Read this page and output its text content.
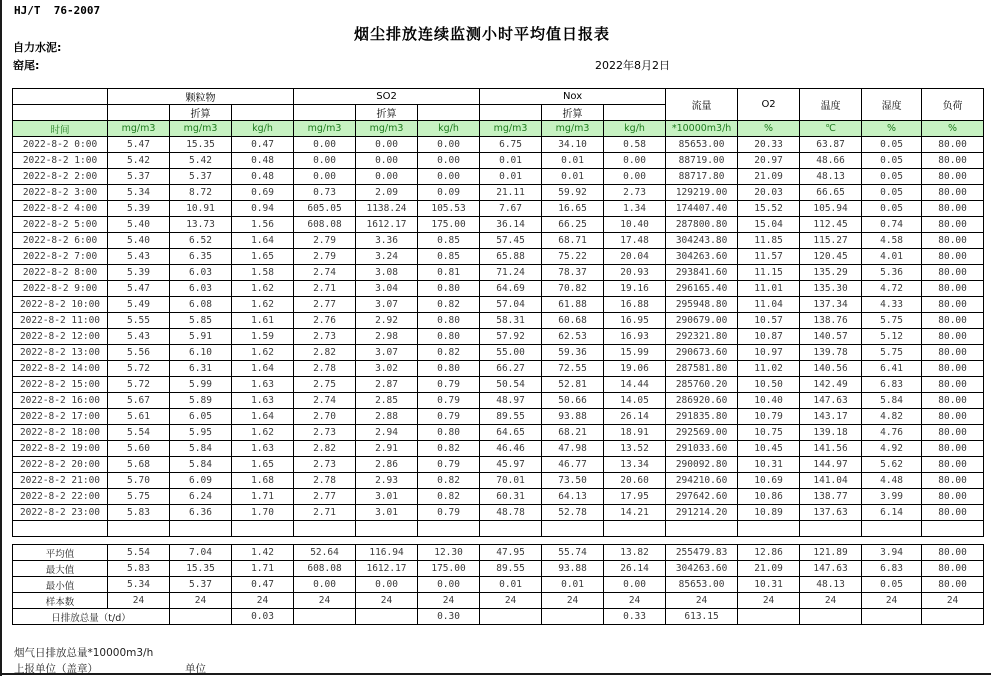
HJ/T  76-2007
烟尘排放连续监测小时平均值日报表
自力水泥:
窑尾:	2022年8月2日
	颗粒物			SO2			Nox			流量	O2	温度	湿度	负荷
		折算			折算			折算						
时间	mg/m3	mg/m3	kg/h	mg/m3	mg/m3	kg/h	mg/m3	mg/m3	kg/h	*10000m3/h	%	℃	%	%
2022-8-2 0:00	5.47	15.35	0.47	0.00	0.00	0.00	6.75	34.10	0.58	85653.00	20.33	63.87	0.05	80.00
2022-8-2 1:00	5.42	5.42	0.48	0.00	0.00	0.00	0.01	0.01	0.00	88719.00	20.97	48.66	0.05	80.00
2022-8-2 2:00	5.37	5.37	0.48	0.00	0.00	0.00	0.01	0.01	0.00	88717.80	21.09	48.13	0.05	80.00
2022-8-2 3:00	5.34	8.72	0.69	0.73	2.09	0.09	21.11	59.92	2.73	129219.00	20.03	66.65	0.05	80.00
2022-8-2 4:00	5.39	10.91	0.94	605.05	1138.24	105.53	7.67	16.65	1.34	174407.40	15.52	105.94	0.05	80.00
2022-8-2 5:00	5.40	13.73	1.56	608.08	1612.17	175.00	36.14	66.25	10.40	287800.80	15.04	112.45	0.74	80.00
2022-8-2 6:00	5.40	6.52	1.64	2.79	3.36	0.85	57.45	68.71	17.48	304243.80	11.85	115.27	4.58	80.00
2022-8-2 7:00	5.43	6.35	1.65	2.79	3.24	0.85	65.88	75.22	20.04	304263.60	11.57	120.45	4.01	80.00
2022-8-2 8:00	5.39	6.03	1.58	2.74	3.08	0.81	71.24	78.37	20.93	293841.60	11.15	135.29	5.36	80.00
2022-8-2 9:00	5.47	6.03	1.62	2.71	3.04	0.80	64.69	70.82	19.16	296165.40	11.01	135.30	4.72	80.00
2022-8-2 10:00	5.49	6.08	1.62	2.77	3.07	0.82	57.04	61.88	16.88	295948.80	11.04	137.34	4.33	80.00
2022-8-2 11:00	5.55	5.85	1.61	2.76	2.92	0.80	58.31	60.68	16.95	290679.00	10.57	138.76	5.75	80.00
2022-8-2 12:00	5.43	5.91	1.59	2.73	2.98	0.80	57.92	62.53	16.93	292321.80	10.87	140.57	5.12	80.00
2022-8-2 13:00	5.56	6.10	1.62	2.82	3.07	0.82	55.00	59.36	15.99	290673.60	10.97	139.78	5.75	80.00
2022-8-2 14:00	5.72	6.31	1.64	2.78	3.02	0.80	66.27	72.55	19.06	287581.80	11.02	140.56	6.41	80.00
2022-8-2 15:00	5.72	5.99	1.63	2.75	2.87	0.79	50.54	52.81	14.44	285760.20	10.50	142.49	6.83	80.00
2022-8-2 16:00	5.67	5.89	1.63	2.74	2.85	0.79	48.97	50.66	14.05	286920.60	10.40	147.63	5.84	80.00
2022-8-2 17:00	5.61	6.05	1.64	2.70	2.88	0.79	89.55	93.88	26.14	291835.80	10.79	143.17	4.82	80.00
2022-8-2 18:00	5.54	5.95	1.62	2.73	2.94	0.80	64.65	68.21	18.91	292569.00	10.75	139.18	4.76	80.00
2022-8-2 19:00	5.60	5.84	1.63	2.82	2.91	0.82	46.46	47.98	13.52	291033.60	10.45	141.56	4.92	80.00
2022-8-2 20:00	5.68	5.84	1.65	2.73	2.86	0.79	45.97	46.77	13.34	290092.80	10.31	144.97	5.62	80.00
2022-8-2 21:00	5.70	6.09	1.68	2.78	2.93	0.82	70.01	73.50	20.60	294210.60	10.69	141.04	4.48	80.00
2022-8-2 22:00	5.75	6.24	1.71	2.77	3.01	0.82	60.31	64.13	17.95	297642.60	10.86	138.77	3.99	80.00
2022-8-2 23:00	5.83	6.36	1.70	2.71	3.01	0.79	48.78	52.78	14.21	291214.20	10.89	137.63	6.14	80.00

平均值	5.54	7.04	1.42	52.64	116.94	12.30	47.95	55.74	13.82	255479.83	12.86	121.89	3.94	80.00
最大值	5.83	15.35	1.71	608.08	1612.17	175.00	89.55	93.88	26.14	304263.60	21.09	147.63	6.83	80.00
最小值	5.34	5.37	0.47	0.00	0.00	0.00	0.01	0.01	0.00	85653.00	10.31	48.13	0.05	80.00
样本数	24	24	24	24	24	24	24	24	24	24	24	24	24	24
日排放总量（t/d）			0.03			0.30			0.33	613.15				
烟气日排放总量*10000m3/h
上报单位（盖章）	单位
